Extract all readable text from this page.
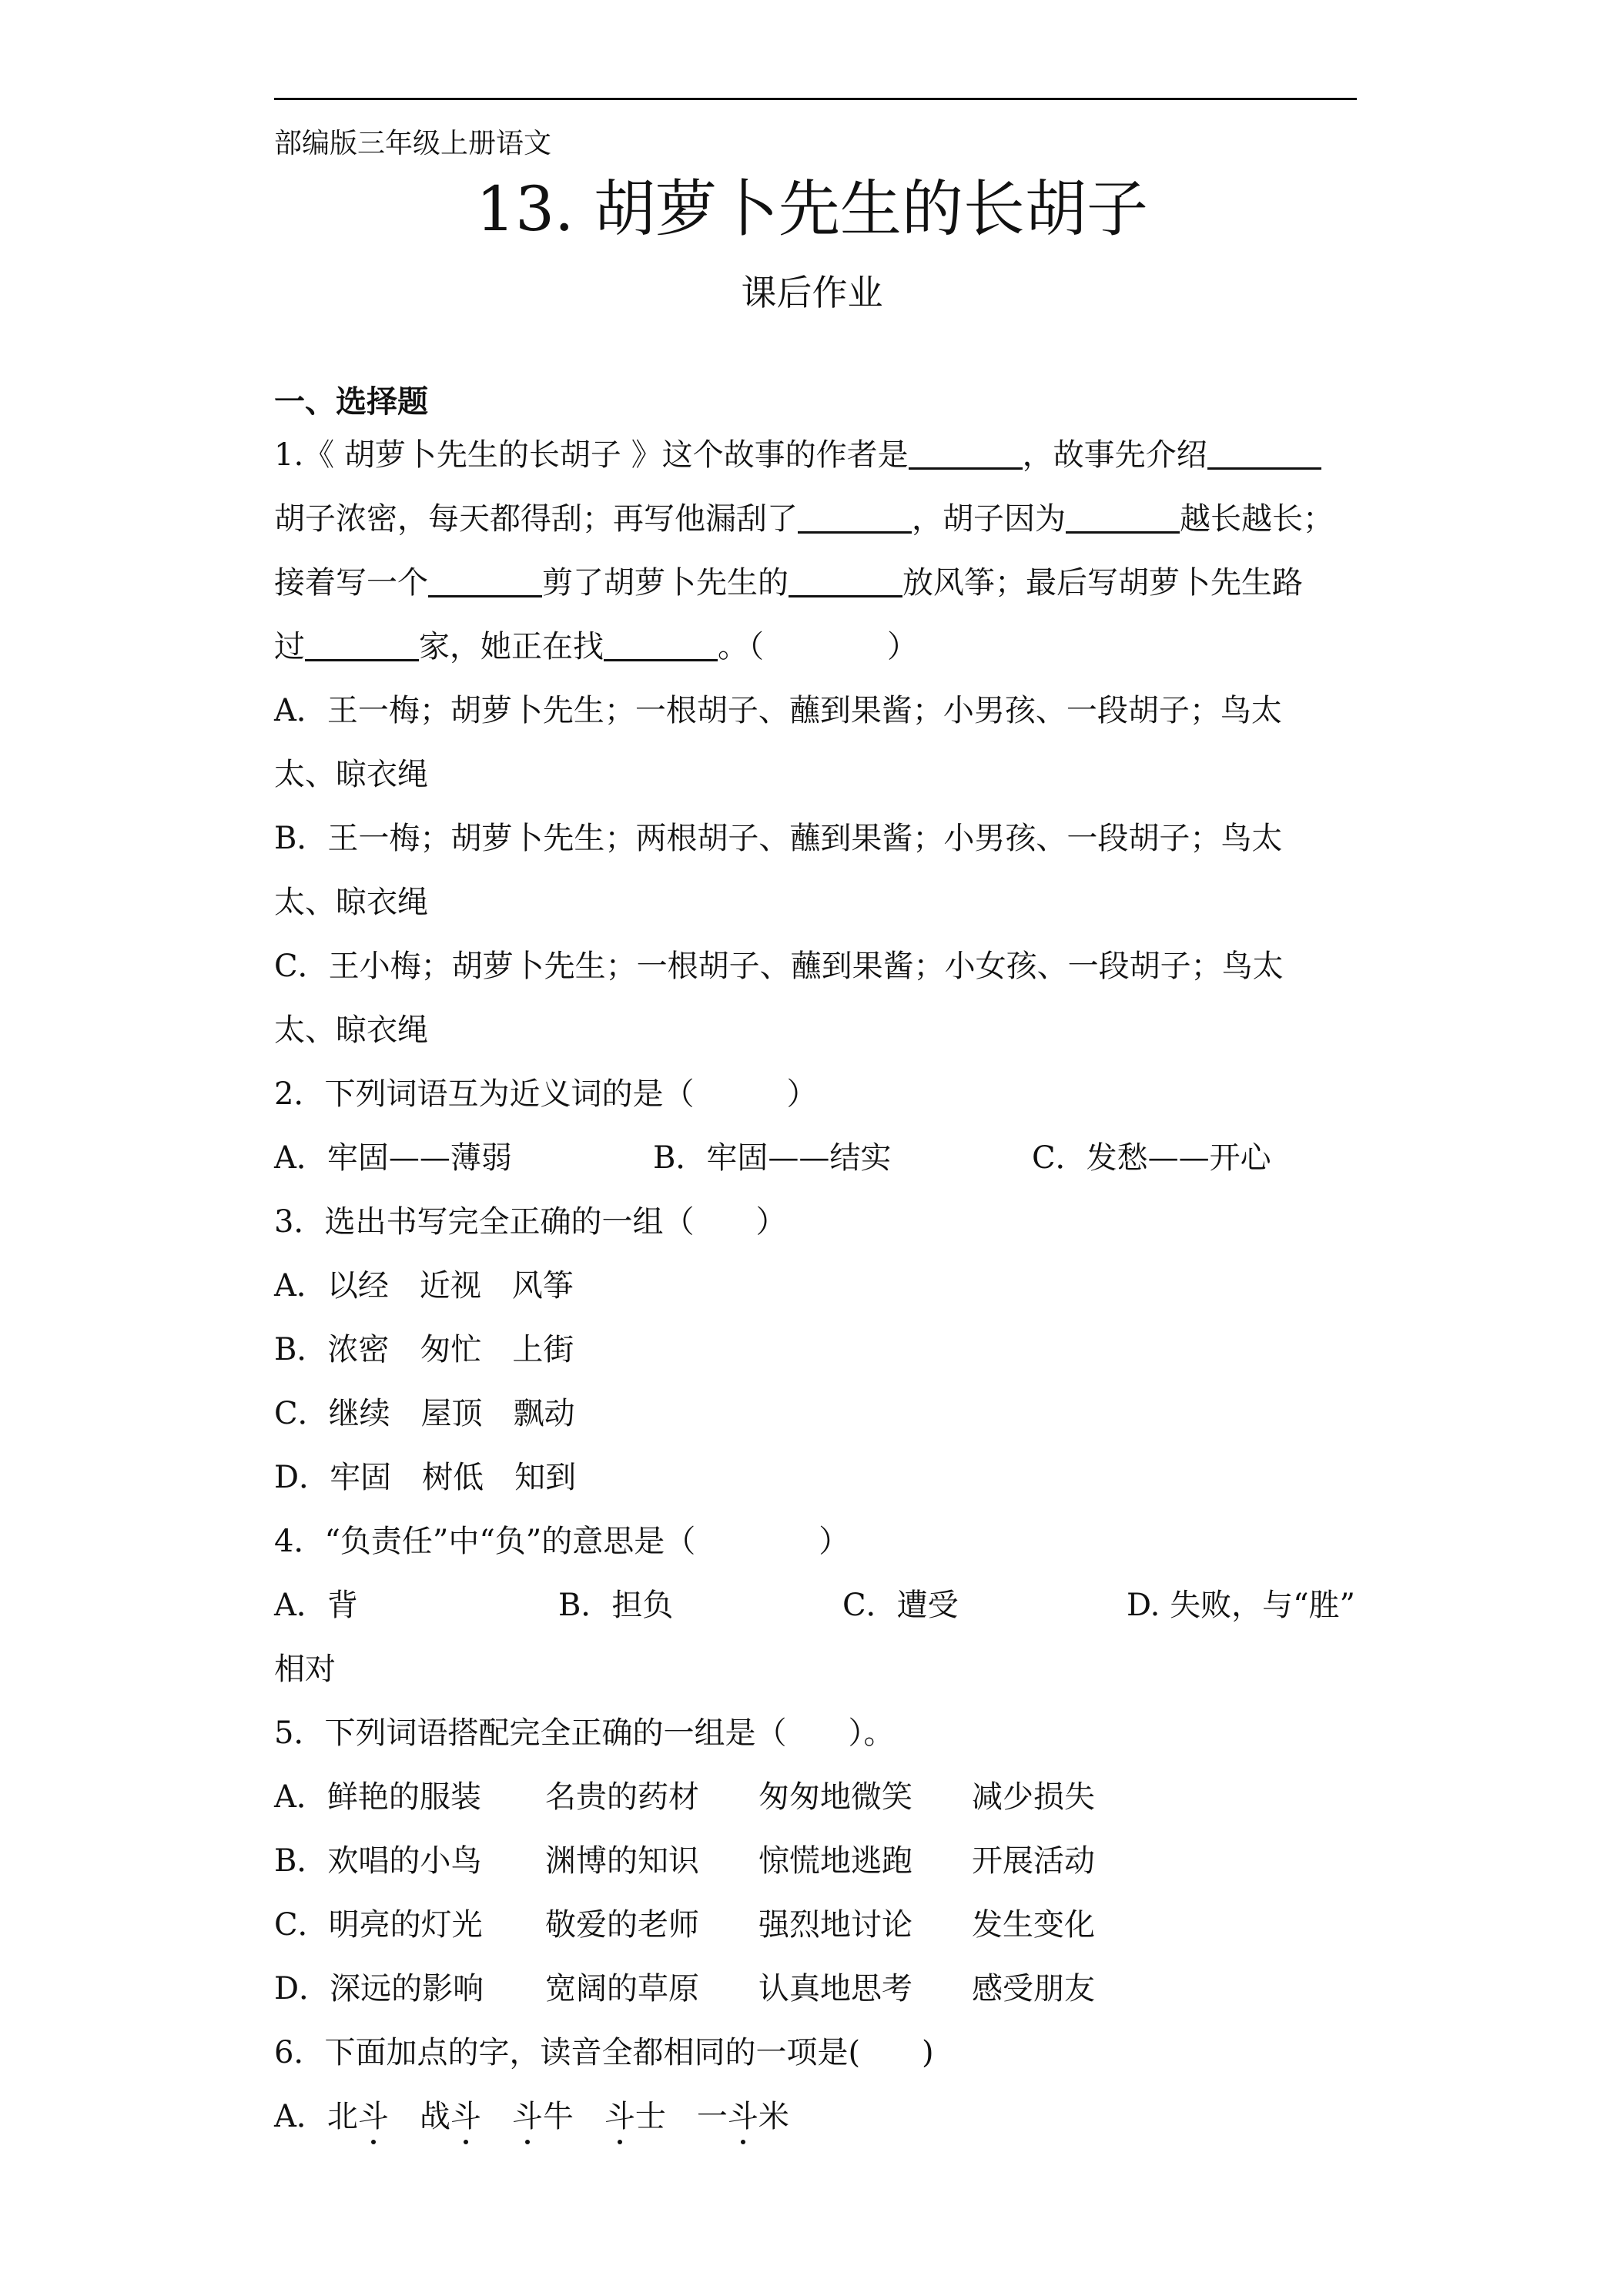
部编版三年级上册语文
13. 胡萝卜先生的长胡子
课后作业
一、选择题
1.《 胡萝卜先生的长胡子 》这个故事的作者是	，故事先介绍
胡子浓密，每天都得刮；再写他漏刮了	，胡子因为	越长越长；
接着写一个	剪了胡萝卜先生的	放风筝；最后写胡萝卜先生路
过	家，她正在找	。（　　　　）
A．王一梅；胡萝卜先生；一根胡子、蘸到果酱；小男孩、一段胡子；鸟太
太、晾衣绳
B．王一梅；胡萝卜先生；两根胡子、蘸到果酱；小男孩、一段胡子；鸟太
太、晾衣绳
C．王小梅；胡萝卜先生；一根胡子、蘸到果酱；小女孩、一段胡子；鸟太
太、晾衣绳
2．下列词语互为近义词的是（　　　）
A．牢固——薄弱	B．牢固——结实	C．发愁——开心
3．选出书写完全正确的一组（　　）
A．以经　近视　风筝
B．浓密　匆忙　上街
C．继续　屋顶　飘动
D．牢固　树低　知到
4．“负责任”中“负”的意思是（　　　　）
A．背	B．担负	C．遭受	D. 失败，与“胜”
相对
5．下列词语搭配完全正确的一组是（　　）。
A．鲜艳的服装 名贵的药材 匆匆地微笑 减少损失
B．欢唱的小鸟 渊博的知识 惊慌地逃跑 开展活动
C．明亮的灯光 敬爱的老师 强烈地讨论 发生变化
D．深远的影响 宽阔的草原 认真地思考 感受朋友
6．下面加点的字，读音全都相同的一项是(　　)
A．北斗 战斗 斗牛 斗士 一斗米
